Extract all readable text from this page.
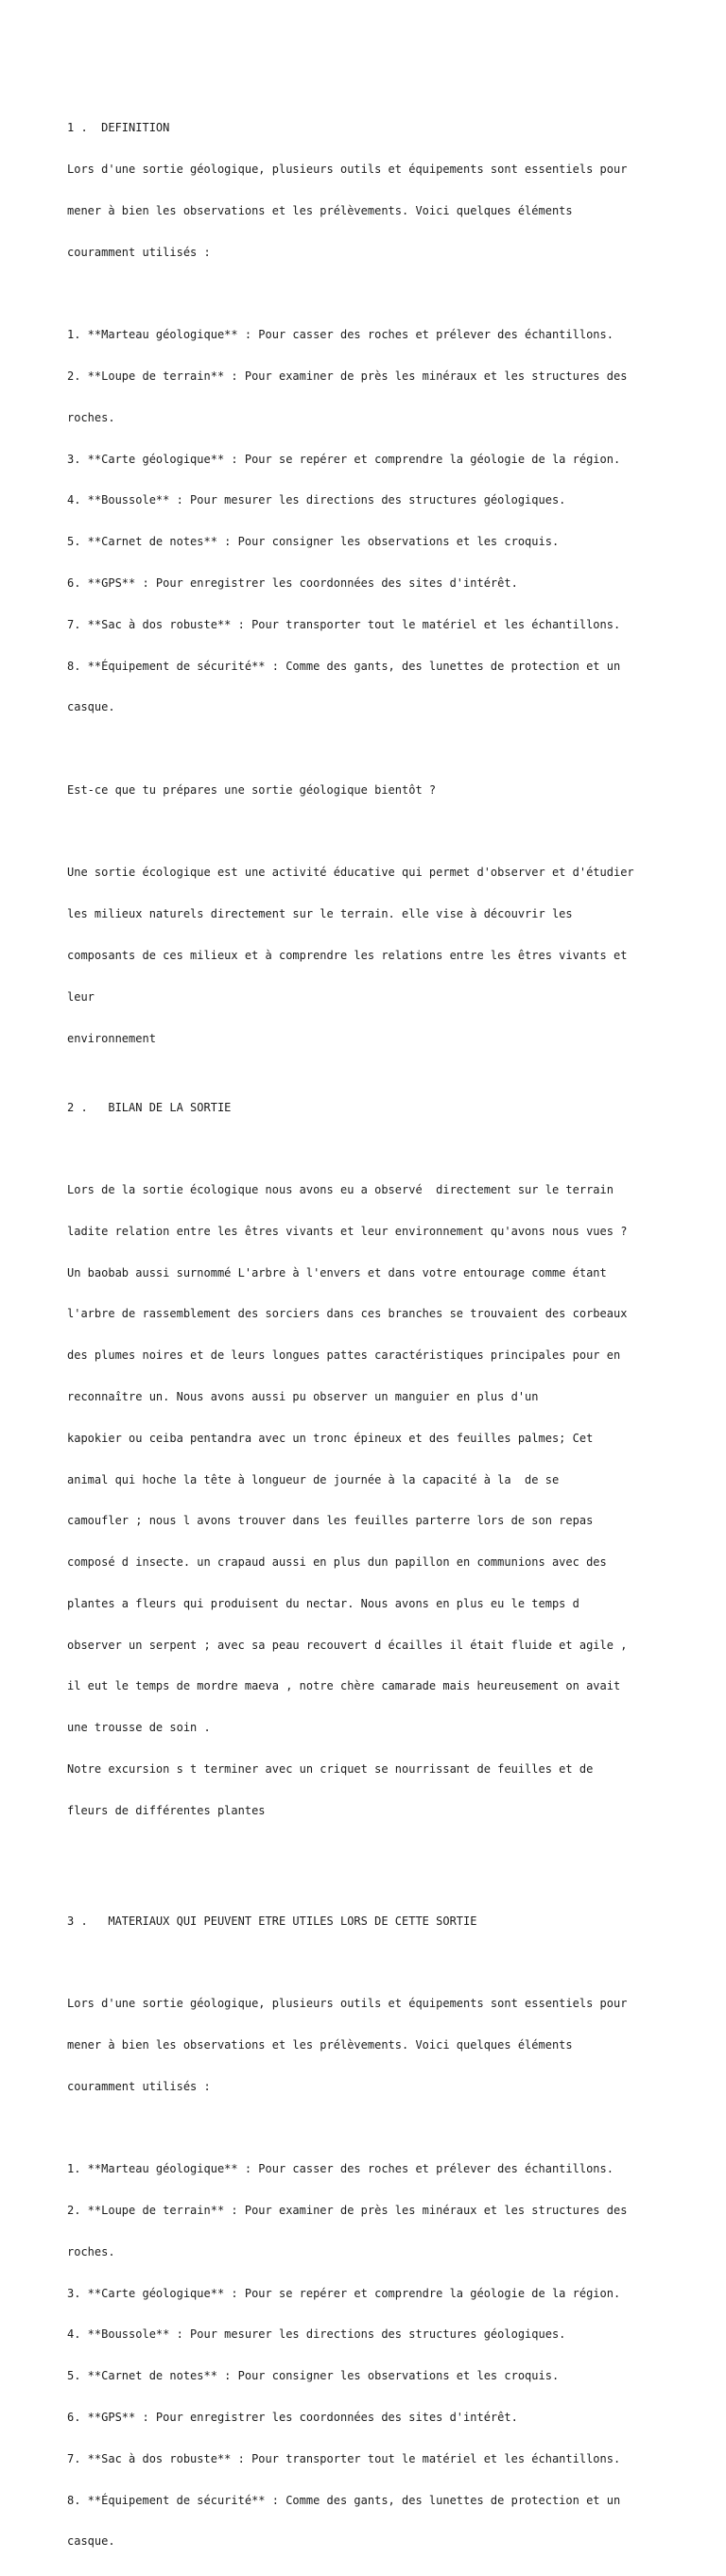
1 .  DEFINITION

Lors d'une sortie géologique, plusieurs outils et équipements sont essentiels pour

mener à bien les observations et les prélèvements. Voici quelques éléments

couramment utilisés :

1. **Marteau géologique** : Pour casser des roches et prélever des échantillons.

2. **Loupe de terrain** : Pour examiner de près les minéraux et les structures des

roches.

3. **Carte géologique** : Pour se repérer et comprendre la géologie de la région.

4. **Boussole** : Pour mesurer les directions des structures géologiques.

5. **Carnet de notes** : Pour consigner les observations et les croquis.

6. **GPS** : Pour enregistrer les coordonnées des sites d'intérêt.

7. **Sac à dos robuste** : Pour transporter tout le matériel et les échantillons.

8. **Équipement de sécurité** : Comme des gants, des lunettes de protection et un

casque.

Est-ce que tu prépares une sortie géologique bientôt ?

Une sortie écologique est une activité éducative qui permet d'observer et d'étudier

les milieux naturels directement sur le terrain. elle vise à découvrir les

composants de ces milieux et à comprendre les relations entre les êtres vivants et

leur

environnement

2 .   BILAN DE LA SORTIE

Lors de la sortie écologique nous avons eu a observé  directement sur le terrain

ladite relation entre les êtres vivants et leur environnement qu'avons nous vues ?

Un baobab aussi surnommé L'arbre à l'envers et dans votre entourage comme étant

l'arbre de rassemblement des sorciers dans ces branches se trouvaient des corbeaux

des plumes noires et de leurs longues pattes caractéristiques principales pour en

reconnaître un. Nous avons aussi pu observer un manguier en plus d'un

kapokier ou ceiba pentandra avec un tronc épineux et des feuilles palmes; Cet

animal qui hoche la tête à longueur de journée à la capacité à la  de se

camoufler ; nous l avons trouver dans les feuilles parterre lors de son repas

composé d insecte. un crapaud aussi en plus dun papillon en communions avec des

plantes a fleurs qui produisent du nectar. Nous avons en plus eu le temps d

observer un serpent ; avec sa peau recouvert d écailles il était fluide et agile ,

il eut le temps de mordre maeva , notre chère camarade mais heureusement on avait

une trousse de soin .

Notre excursion s t terminer avec un criquet se nourrissant de feuilles et de

fleurs de différentes plantes

3 .   MATERIAUX QUI PEUVENT ETRE UTILES LORS DE CETTE SORTIE

Lors d'une sortie géologique, plusieurs outils et équipements sont essentiels pour

mener à bien les observations et les prélèvements. Voici quelques éléments

couramment utilisés :

1. **Marteau géologique** : Pour casser des roches et prélever des échantillons.

2. **Loupe de terrain** : Pour examiner de près les minéraux et les structures des

roches.

3. **Carte géologique** : Pour se repérer et comprendre la géologie de la région.

4. **Boussole** : Pour mesurer les directions des structures géologiques.

5. **Carnet de notes** : Pour consigner les observations et les croquis.

6. **GPS** : Pour enregistrer les coordonnées des sites d'intérêt.

7. **Sac à dos robuste** : Pour transporter tout le matériel et les échantillons.

8. **Équipement de sécurité** : Comme des gants, des lunettes de protection et un

casque.
